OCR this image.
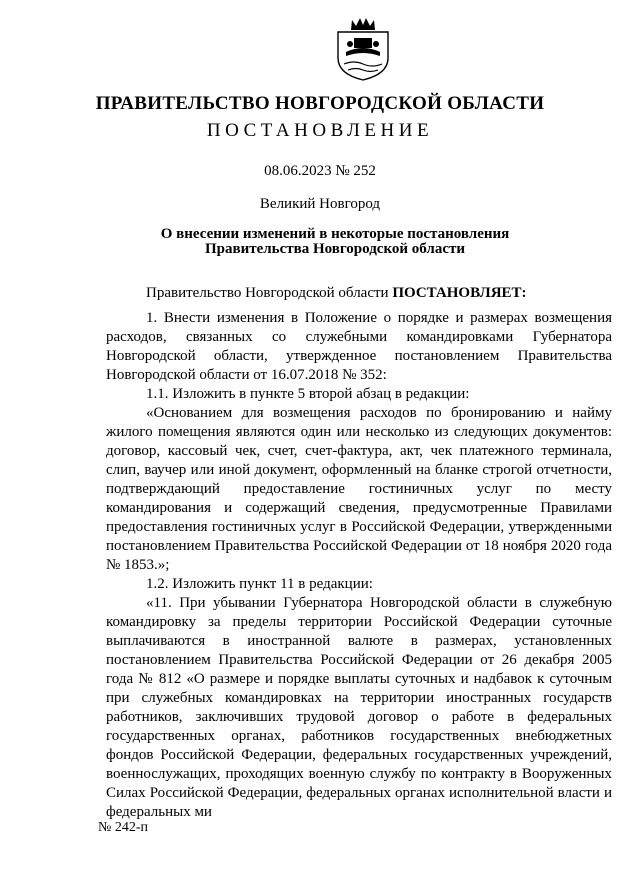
ПРАВИТЕЛЬСТВО НОВГОРОДСКОЙ ОБЛАСТИ
ПОСТАНОВЛЕНИЕ
08.06.2023 № 252
Великий Новгород
О внесении изменений в некоторые постановления
Правительства Новгородской области

Правительство Новгородской области ПОСТАНОВЛЯЕТ:

1. Внести изменения в Положение о порядке и размерах возмещения расходов, связанных со служебными командировками Губернатора Новгородской области, утвержденное постановлением Правительства Новгородской области от 16.07.2018 № 352:

1.1. Изложить в пункте 5 второй абзац в редакции:

«Основанием для возмещения расходов по бронированию и найму жилого помещения являются один или несколько из следующих документов: договор, кассовый чек, счет, счет-фактура, акт, чек платежного терминала, слип, ваучер или иной документ, оформленный на бланке строгой отчетности, подтверждающий предоставление гостиничных услуг по месту командирования и содержащий сведения, предусмотренные Правилами предоставления гостиничных услуг в Российской Федерации, утвержденными постановлением Правительства Российской Федерации от 18 ноября 2020 года № 1853.»;

1.2. Изложить пункт 11 в редакции:

«11. При убывании Губернатора Новгородской области в служебную командировку за пределы территории Российской Федерации суточные выплачиваются в иностранной валюте в размерах, установленных постановлением Правительства Российской Федерации от 26 декабря 2005 года № 812 «О размере и порядке выплаты суточных и надбавок к суточным при служебных командировках на территории иностранных государств работников, заключивших трудовой договор о работе в федеральных государственных органах, работников государственных внебюджетных фондов Российской Федерации, федеральных государственных учреждений, военнослужащих, проходящих военную службу по контракту в Вооруженных Силах Российской Федерации, федеральных органах исполнительной власти и федеральных ми

№ 242-п
